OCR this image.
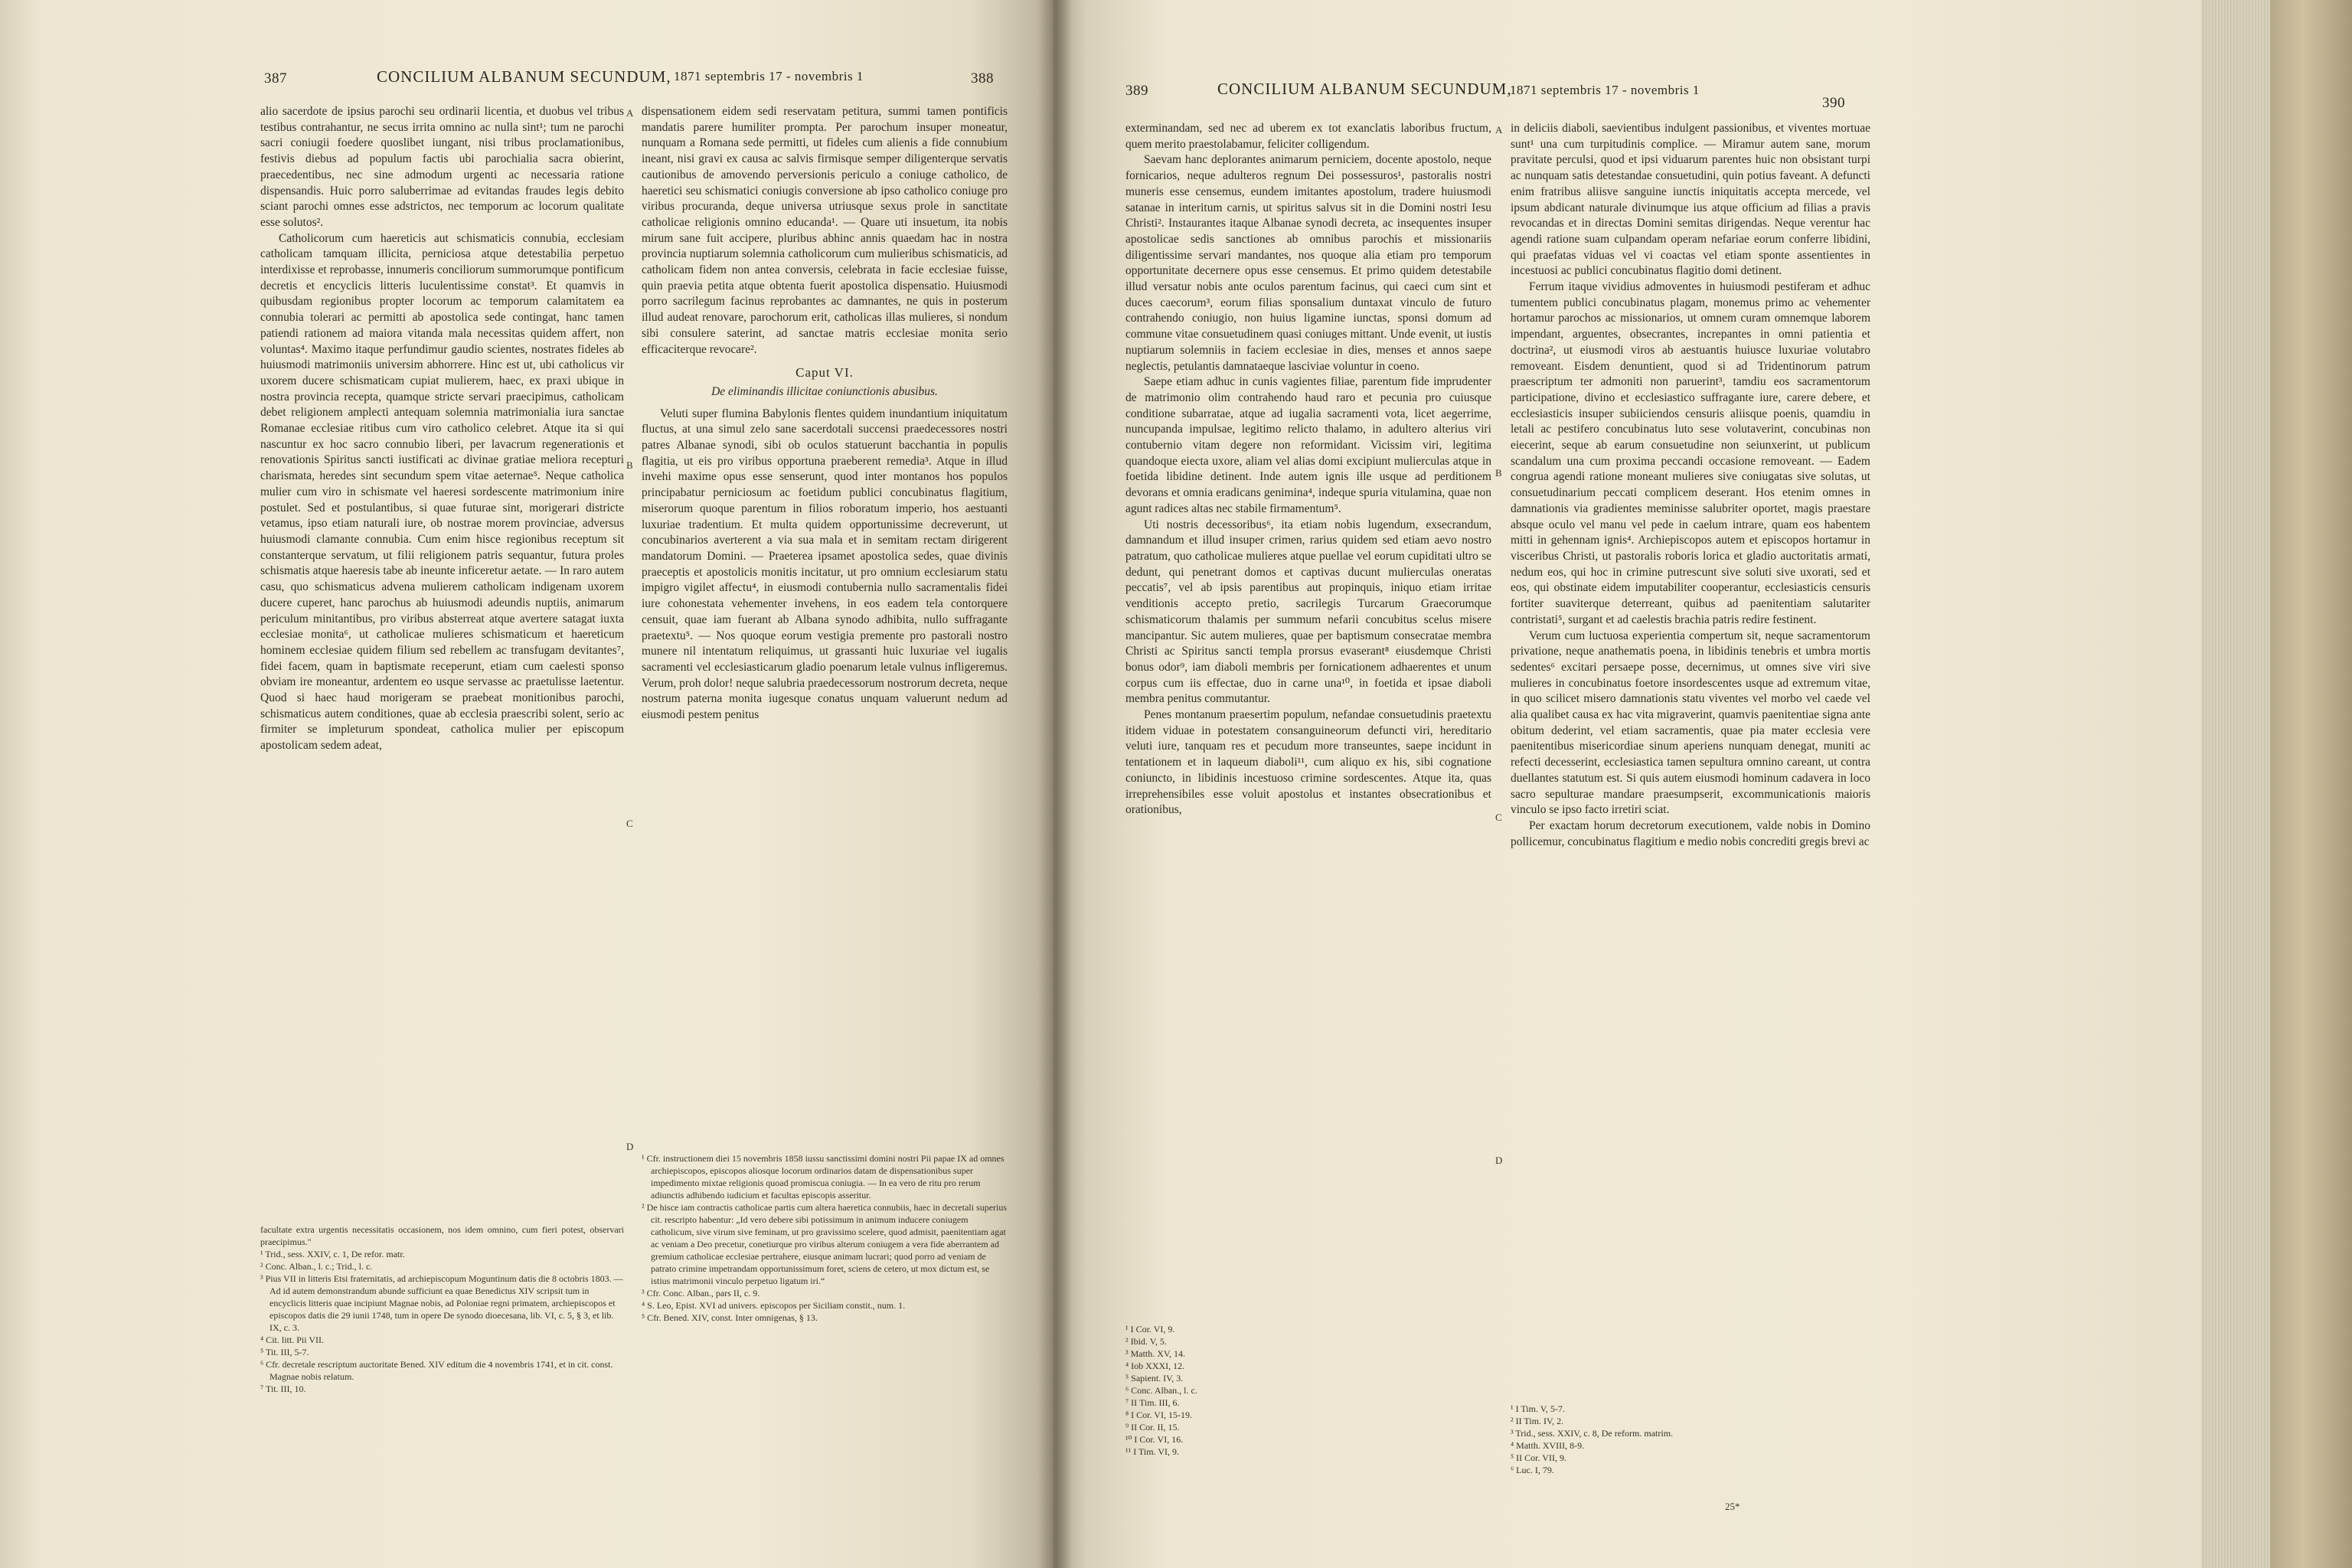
387	CONCILIUM ALBANUM SECUNDUM, 1871 septembris 17 - novembris 1	388

alio sacerdote de ipsius parochi seu ordinarii licentia, et duobus vel tribus testibus contrahantur, ne secus irrita omnino ac nulla sint¹; tum ne parochi sacri coniugii foedere quoslibet iungant, nisi tribus proclamationibus, festivis diebus ad populum factis ubi parochialia sacra obierint, praecedentibus, nec sine admodum urgenti ac necessaria ratione dispensandis. Huic porro saluberrimae ad evitandas fraudes legis debito sciant parochi omnes esse adstrictos, nec temporum ac locorum qualitate esse solutos².

Catholicorum cum haereticis aut schismaticis connubia, ecclesiam catholicam tamquam illicita, perniciosa atque detestabilia perpetuo interdixisse et reprobasse, innumeris conciliorum summorumque pontificum decretis et encyclicis litteris luculentissime constat³. Et quamvis in quibusdam regionibus propter locorum ac temporum calamitatem ea connubia tolerari ac permitti ab apostolica sede contingat, hanc tamen patiendi rationem ad maiora vitanda mala necessitas quidem affert, non voluntas⁴. Maximo itaque perfundimur gaudio scientes, nostrates fideles ab huiusmodi matrimoniis universim abhorrere. Hinc est ut, ubi catholicus vir uxorem ducere schismaticam cupiat mulierem, haec, ex praxi ubique in nostra provincia recepta, quamque stricte servari praecipimus, catholicam debet religionem amplecti antequam solemnia matrimonialia iura sanctae Romanae ecclesiae ritibus cum viro catholico celebret. Atque ita si qui nascuntur ex hoc sacro connubio liberi, per lavacrum regenerationis et renovationis Spiritus sancti iustificati ac divinae gratiae meliora recepturi charismata, heredes sint secundum spem vitae aeternae⁵. Neque catholica mulier cum viro in schismate vel haeresi sordescente matrimonium inire postulet. Sed et postulantibus, si quae futurae sint, morigerari districte vetamus, ipso etiam naturali iure, ob nostrae morem provinciae, adversus huiusmodi clamante connubia. Cum enim hisce regionibus receptum sit constanterque servatum, ut filii religionem patris sequantur, futura proles schismatis atque haeresis tabe ab ineunte inficeretur aetate. — In raro autem casu, quo schismaticus advena mulierem catholicam indigenam uxorem ducere cuperet, hanc parochus ab huiusmodi adeundis nuptiis, animarum periculum minitantibus, pro viribus absterreat atque avertere satagat iuxta ecclesiae monita⁶, ut catholicae mulieres schismaticum et haereticum hominem ecclesiae quidem filium sed rebellem ac transfugam devitantes⁷, fidei facem, quam in baptismate receperunt, etiam cum caelesti sponso obviam ire moneantur, ardentem eo usque servasse ac praetulisse laetentur. Quod si haec haud morigeram se praebeat monitionibus parochi, schismaticus autem conditiones, quae ab ecclesia praescribi solent, serio ac firmiter se impleturum spondeat, catholica mulier per episcopum apostolicam sedem adeat,

A
B
C
D

dispensationem eidem sedi reservatam petitura, summi tamen pontificis mandatis parere humiliter prompta. Per parochum insuper moneatur, nunquam a Romana sede permitti, ut fideles cum alienis a fide connubium ineant, nisi gravi ex causa ac salvis firmisque semper diligenterque servatis cautionibus de amovendo perversionis periculo a coniuge catholico, de haeretici seu schismatici coniugis conversione ab ipso catholico coniuge pro viribus procuranda, deque universa utriusque sexus prole in sanctitate catholicae religionis omnino educanda¹. — Quare uti insuetum, ita nobis mirum sane fuit accipere, pluribus abhinc annis quaedam hac in nostra provincia nuptiarum solemnia catholicorum cum mulieribus schismaticis, ad catholicam fidem non antea conversis, celebrata in facie ecclesiae fuisse, quin praevia petita atque obtenta fuerit apostolica dispensatio. Huiusmodi porro sacrilegum facinus reprobantes ac damnantes, ne quis in posterum illud audeat renovare, parochorum erit, catholicas illas mulieres, si nondum sibi consulere saterint, ad sanctae matris ecclesiae monita serio efficaciterque revocare².

Caput VI.
De eliminandis illicitae coniunctionis abusibus.

Veluti super flumina Babylonis flentes quidem inundantium iniquitatum fluctus, at una simul zelo sane sacerdotali succensi praedecessores nostri patres Albanae synodi, sibi ob oculos statuerunt bacchantia in populis flagitia, ut eis pro viribus opportuna praeberent remedia³. Atque in illud invehi maxime opus esse senserunt, quod inter montanos hos populos principabatur perniciosum ac foetidum publici concubinatus flagitium, miserorum quoque parentum in filios roboratum imperio, hos aestuanti luxuriae tradentium. Et multa quidem opportunissime decreverunt, ut concubinarios averterent a via sua mala et in semitam rectam dirigerent mandatorum Domini. — Praeterea ipsamet apostolica sedes, quae divinis praeceptis et apostolicis monitis incitatur, ut pro omnium ecclesiarum statu impigro vigilet affectu⁴, in eiusmodi contubernia nullo sacramentalis fidei iure cohonestata vehementer invehens, in eos eadem tela contorquere censuit, quae iam fuerant ab Albana synodo adhibita, nullo suffragante praetextu⁵. — Nos quoque eorum vestigia premente pro pastorali nostro munere nil intentatum reliquimus, ut grassanti huic luxuriae vel iugalis sacramenti vel ecclesiasticarum gladio poenarum letale vulnus infligeremus. Verum, proh dolor! neque salubria praedecessorum nostrorum decreta, neque nostrum paterna monita iugesque conatus unquam valuerunt nedum ad eiusmodi pestem penitus

facultate extra urgentis necessitatis occasionem, nos idem omnino, cum fieri potest, observari praecipimus."

¹ Trid., sess. XXIV, c. 1, De refor. matr.
² Conc. Alban., l. c.; Trid., l. c.
³ Pius VII in litteris Etsi fraternitatis, ad archiepiscopum Moguntinum datis die 8 octobris 1803. — Ad id autem demonstrandum abunde sufficiunt ea quae Benedictus XIV scripsit tum in encyclicis litteris quae incipiunt Magnae nobis, ad Poloniae regni primatem, archiepiscopos et episcopos datis die 29 iunii 1748, tum in opere De synodo dioecesana, lib. VI, c. 5, § 3, et lib. IX, c. 3.
⁴ Cit. litt. Pii VII.
⁵ Tit. III, 5-7.
⁶ Cfr. decretale rescriptum auctoritate Bened. XIV editum die 4 novembris 1741, et in cit. const. Magnae nobis relatum.
⁷ Tit. III, 10.
¹ Cfr. instructionem diei 15 novembris 1858 iussu sanctissimi domini nostri Pii papae IX ad omnes archiepiscopos, episcopos aliosque locorum ordinarios datam de dispensationibus super impedimento mixtae religionis quoad promiscua coniugia. — In ea vero de ritu pro rerum adiunctis adhibendo iudicium et facultas episcopis asseritur.
² De hisce iam contractis catholicae partis cum altera haeretica connubiis, haec in decretali superius cit. rescripto habentur: „Id vero debere sibi potissimum in animum inducere coniugem catholicum, sive virum sive feminam, ut pro gravissimo scelere, quod admisit, paenitentiam agat ac veniam a Deo precetur, conetiurque pro viribus alterum coniugem a vera fide aberrantem ad gremium catholicae ecclesiae pertrahere, eiusque animam lucrari; quod porro ad veniam de patrato crimine impetrandam opportunissimum foret, sciens de cetero, ut mox dictum est, se istius matrimonii vinculo perpetuo ligatum iri.“
³ Cfr. Conc. Alban., pars II, c. 9.
⁴ S. Leo, Epist. XVI ad univers. episcopos per Siciliam constit., num. 1.
⁵ Cfr. Bened. XIV, const. Inter omnigenas, § 13.
389	CONCILIUM ALBANUM SECUNDUM,
1871 septembris 17 - novembris 1
390

exterminandam, sed nec ad uberem ex tot exanclatis laboribus fructum, quem merito praestolabamur, feliciter colligendum.

Saevam hanc deplorantes animarum perniciem, docente apostolo, neque fornicarios, neque adulteros regnum Dei possessuros¹, pastoralis nostri muneris esse censemus, eundem imitantes apostolum, tradere huiusmodi satanae in interitum carnis, ut spiritus salvus sit in die Domini nostri Iesu Christi². Instaurantes itaque Albanae synodi decreta, ac insequentes insuper apostolicae sedis sanctiones ab omnibus parochis et missionariis diligentissime servari mandantes, nos quoque alia etiam pro temporum opportunitate decernere opus esse censemus. Et primo quidem detestabile illud versatur nobis ante oculos parentum facinus, qui caeci cum sint et duces caecorum³, eorum filias sponsalium duntaxat vinculo de futuro contrahendo coniugio, non huius ligamine iunctas, sponsi domum ad commune vitae consuetudinem quasi coniuges mittant. Unde evenit, ut iustis nuptiarum solemniis in faciem ecclesiae in dies, menses et annos saepe neglectis, petulantis damnataeque lasciviae voluntur in coeno.

Saepe etiam adhuc in cunis vagientes filiae, parentum fide imprudenter de matrimonio olim contrahendo haud raro et pecunia pro cuiusque conditione subarratae, atque ad iugalia sacramenti vota, licet aegerrime, nuncupanda impulsae, legitimo relicto thalamo, in adultero alterius viri contubernio vitam degere non reformidant. Vicissim viri, legitima quandoque eiecta uxore, aliam vel alias domi excipiunt mulierculas atque in foetida libidine detinent. Inde autem ignis ille usque ad perditionem devorans et omnia eradicans genimina⁴, indeque spuria vitulamina, quae non agunt radices altas nec stabile firmamentum⁵.

Uti nostris decessoribus⁶, ita etiam nobis lugendum, exsecrandum, damnandum et illud insuper crimen, rarius quidem sed etiam aevo nostro patratum, quo catholicae mulieres atque puellae vel eorum cupiditati ultro se dedunt, qui penetrant domos et captivas ducunt mulierculas oneratas peccatis⁷, vel ab ipsis parentibus aut propinquis, iniquo etiam irritae venditionis accepto pretio, sacrilegis Turcarum Graecorumque schismaticorum thalamis per summum nefarii concubitus scelus misere mancipantur. Sic autem mulieres, quae per baptismum consecratae membra Christi ac Spiritus sancti templa prorsus evaserant⁸ eiusdemque Christi bonus odor⁹, iam diaboli membris per fornicationem adhaerentes et unum corpus cum iis effectae, duo in carne una¹⁰, in foetida et ipsae diaboli membra penitus commutantur.

Penes montanum praesertim populum, nefandae consuetudinis praetextu itidem viduae in potestatem consanguineorum defuncti viri, hereditario veluti iure, tanquam res et pecudum more transeuntes, saepe incidunt in tentationem et in laqueum diaboli¹¹, cum aliquo ex his, sibi cognatione coniuncto, in libidinis incestuoso crimine sordescentes. Atque ita, quas irreprehensibiles esse voluit apostolus et instantes obsecrationibus et orationibus,

A
B
C
D

in deliciis diaboli, saevientibus indulgent passionibus, et viventes mortuae sunt¹ una cum turpitudinis complice. — Miramur autem sane, morum pravitate perculsi, quod et ipsi viduarum parentes huic non obsistant turpi ac nunquam satis detestandae consuetudini, quin potius faveant. A defuncti enim fratribus aliisve sanguine iunctis iniquitatis accepta mercede, vel ipsum abdicant naturale divinumque ius atque officium ad filias a pravis revocandas et in directas Domini semitas dirigendas. Neque verentur hac agendi ratione suam culpandam operam nefariae eorum conferre libidini, qui praefatas viduas vel vi coactas vel etiam sponte assentientes in incestuosi ac publici concubinatus flagitio domi detinent.

Ferrum itaque vividius admoventes in huiusmodi pestiferam et adhuc tumentem publici concubinatus plagam, monemus primo ac vehementer hortamur parochos ac missionarios, ut omnem curam omnemque laborem impendant, arguentes, obsecrantes, increpantes in omni patientia et doctrina², ut eiusmodi viros ab aestuantis huiusce luxuriae volutabro removeant. Eisdem denuntient, quod si ad Tridentinorum patrum praescriptum ter admoniti non paruerint³, tamdiu eos sacramentorum participatione, divino et ecclesiastico suffragante iure, carere debere, et ecclesiasticis insuper subiiciendos censuris aliisque poenis, quamdiu in letali ac pestifero concubinatus luto sese volutaverint, concubinas non eiecerint, seque ab earum consuetudine non seiunxerint, ut publicum scandalum una cum proxima peccandi occasione removeant. — Eadem congrua agendi ratione moneant mulieres sive coniugatas sive solutas, ut consuetudinarium peccati complicem deserant. Hos etenim omnes in damnationis via gradientes meminisse salubriter oportet, magis praestare absque oculo vel manu vel pede in caelum intrare, quam eos habentem mitti in gehennam ignis⁴. Archiepiscopos autem et episcopos hortamur in visceribus Christi, ut pastoralis roboris lorica et gladio auctoritatis armati, nedum eos, qui hoc in crimine putrescunt sive soluti sive uxorati, sed et eos, qui obstinate eidem imputabiliter cooperantur, ecclesiasticis censuris fortiter suaviterque deterreant, quibus ad paenitentiam salutariter contristati⁵, surgant et ad caelestis brachia patris redire festinent.

Verum cum luctuosa experientia compertum sit, neque sacramentorum privatione, neque anathematis poena, in libidinis tenebris et umbra mortis sedentes⁶ excitari persaepe posse, decernimus, ut omnes sive viri sive mulieres in concubinatus foetore insordescentes usque ad extremum vitae, in quo scilicet misero damnationis statu viventes vel morbo vel caede vel alia qualibet causa ex hac vita migraverint, quamvis paenitentiae signa ante obitum dederint, vel etiam sacramentis, quae pia mater ecclesia vere paenitentibus misericordiae sinum aperiens nunquam denegat, muniti ac refecti decesserint, ecclesiastica tamen sepultura omnino careant, ut contra duellantes statutum est. Si quis autem eiusmodi hominum cadavera in loco sacro sepulturae mandare praesumpserit, excommunicationis maioris vinculo se ipso facto irretiri sciat.

Per exactam horum decretorum executionem, valde nobis in Domino pollicemur, concubinatus flagitium e medio nobis concrediti gregis brevi ac

¹ I Cor. VI, 9.
² Ibid. V, 5.
³ Matth. XV, 14.
⁴ Iob XXXI, 12.
⁵ Sapient. IV, 3.
⁶ Conc. Alban., l. c.
⁷ II Tim. III, 6.
⁸ I Cor. VI, 15-19.
⁹ II Cor. II, 15.
¹⁰ I Cor. VI, 16.
¹¹ I Tim. VI, 9.
¹ I Tim. V, 5-7.
² II Tim. IV, 2.
³ Trid., sess. XXIV, c. 8, De reform. matrim.
⁴ Matth. XVIII, 8-9.
⁵ II Cor. VII, 9.
⁶ Luc. I, 79.
25*
